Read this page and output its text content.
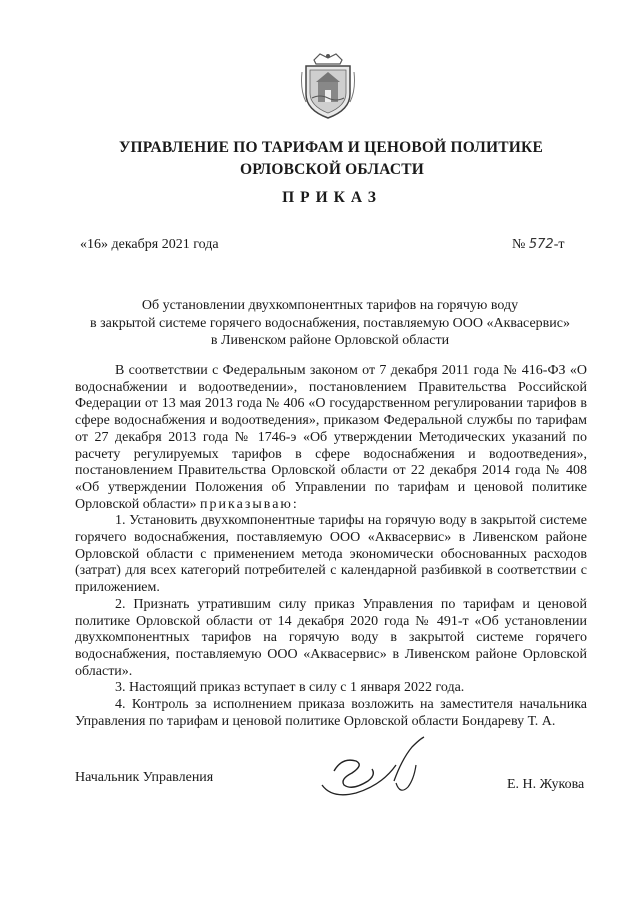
УПРАВЛЕНИЕ ПО ТАРИФАМ И ЦЕНОВОЙ ПОЛИТИКЕ
ОРЛОВСКОЙ ОБЛАСТИ
ПРИКАЗ
«16» декабря 2021 года	№ 572-т
Об установлении двухкомпонентных тарифов на горячую воду
в закрытой системе горячего водоснабжения, поставляемую ООО «Аквасервис»
в Ливенском районе Орловской области

В соответствии с Федеральным законом от 7 декабря 2011 года № 416-ФЗ «О водоснабжении и водоотведении», постановлением Правительства Российской Федерации от 13 мая 2013 года № 406 «О государственном регулировании тарифов в сфере водоснабжения и водоотведения», приказом Федеральной службы по тарифам от 27 декабря 2013 года № 1746-э «Об утверждении Методических указаний по расчету регулируемых тарифов в сфере водоснабжения и водоотведения», постановлением Правительства Орловской области от 22 декабря 2014 года № 408 «Об утверждении Положения об Управлении по тарифам и ценовой политике Орловской области» приказываю:

1. Установить двухкомпонентные тарифы на горячую воду в закрытой системе горячего водоснабжения, поставляемую ООО «Аквасервис» в Ливенском районе Орловской области с применением метода экономически обоснованных расходов (затрат) для всех категорий потребителей с календарной разбивкой в соответствии с приложением.

2. Признать утратившим силу приказ Управления по тарифам и ценовой политике Орловской области от 14 декабря 2020 года № 491-т «Об установлении двухкомпонентных тарифов на горячую воду в закрытой системе горячего водоснабжения, поставляемую ООО «Аквасервис» в Ливенском районе Орловской области».

3. Настоящий приказ вступает в силу с 1 января 2022 года.

4. Контроль за исполнением приказа возложить на заместителя начальника Управления по тарифам и ценовой политике Орловской области Бондареву Т. А.

Начальник Управления	Е. Н. Жукова
